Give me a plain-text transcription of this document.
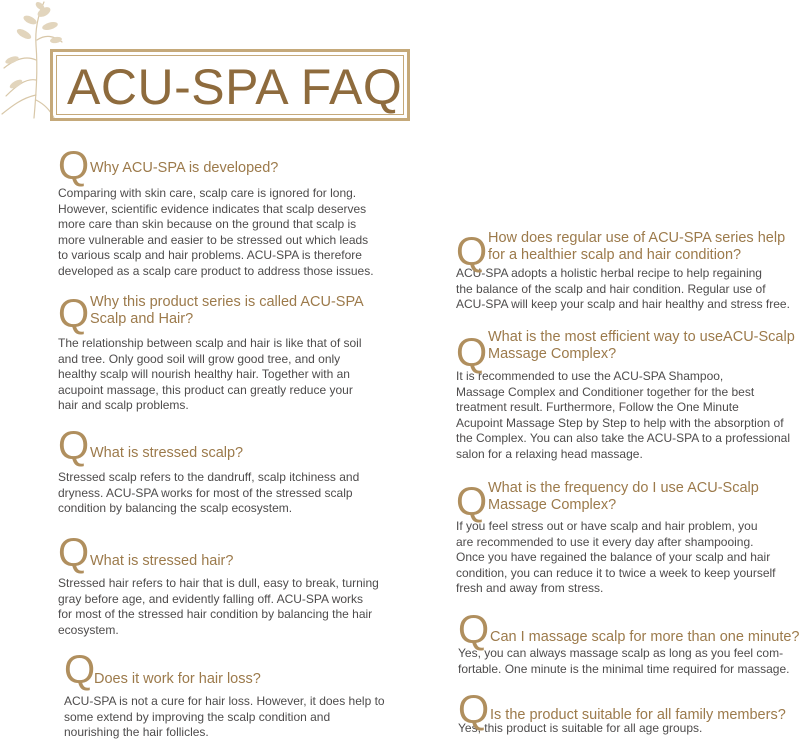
ACU-SPA FAQ
Q Why ACU-SPA is developed?
Comparing with skin care, scalp care is ignored for long.
However, scientific evidence indicates that scalp deserves
more care than skin because on the ground that scalp is
more vulnerable and easier to be stressed out which leads
to various scalp and hair problems. ACU-SPA is therefore
developed as a scalp care product to address those issues.
Q Why this product series is called ACU-SPA
Scalp and Hair?
The relationship between scalp and hair is like that of soil
and tree. Only good soil will grow good tree, and only
healthy scalp will nourish healthy hair. Together with an
acupoint massage, this product can greatly reduce your
hair and scalp problems.
Q What is stressed scalp?
Stressed scalp refers to the dandruff, scalp itchiness and
dryness. ACU-SPA works for most of the stressed scalp
condition by balancing the scalp ecosystem.
Q What is stressed hair?
Stressed hair refers to hair that is dull, easy to break, turning
gray before age, and evidently falling off. ACU-SPA works
for most of the stressed hair condition by balancing the hair
ecosystem.
Q
Does it work for hair loss?
ACU-SPA is not a cure for hair loss. However, it does help to
some extend by improving the scalp condition and
nourishing the hair follicles.
Q How does regular use of ACU-SPA series help
for a healthier scalp and hair condition?
ACU-SPA adopts a holistic herbal recipe to help regaining
the balance of the scalp and hair condition. Regular use of
ACU-SPA will keep your scalp and hair healthy and stress free.
Q What is the most efficient way to useACU-Scalp
Massage Complex?
It is recommended to use the ACU-SPA Shampoo,
Massage Complex and Conditioner together for the best
treatment result. Furthermore, Follow the One Minute
Acupoint Massage Step by Step to help with the absorption of
the Complex. You can also take the ACU-SPA to a professional
salon for a relaxing head massage.
Q What is the frequency do I use ACU-Scalp
Massage Complex?
If you feel stress out or have scalp and hair problem, you
are recommended to use it every day after shampooing.
Once you have regained the balance of your scalp and hair
condition, you can reduce it to twice a week to keep yourself
fresh and away from stress.
Q Can I massage scalp for more than one minute?
Yes, you can always massage scalp as long as you feel com-
fortable. One minute is the minimal time required for massage.
Q Is the product suitable for all family members?
Yes, this product is suitable for all age groups.
